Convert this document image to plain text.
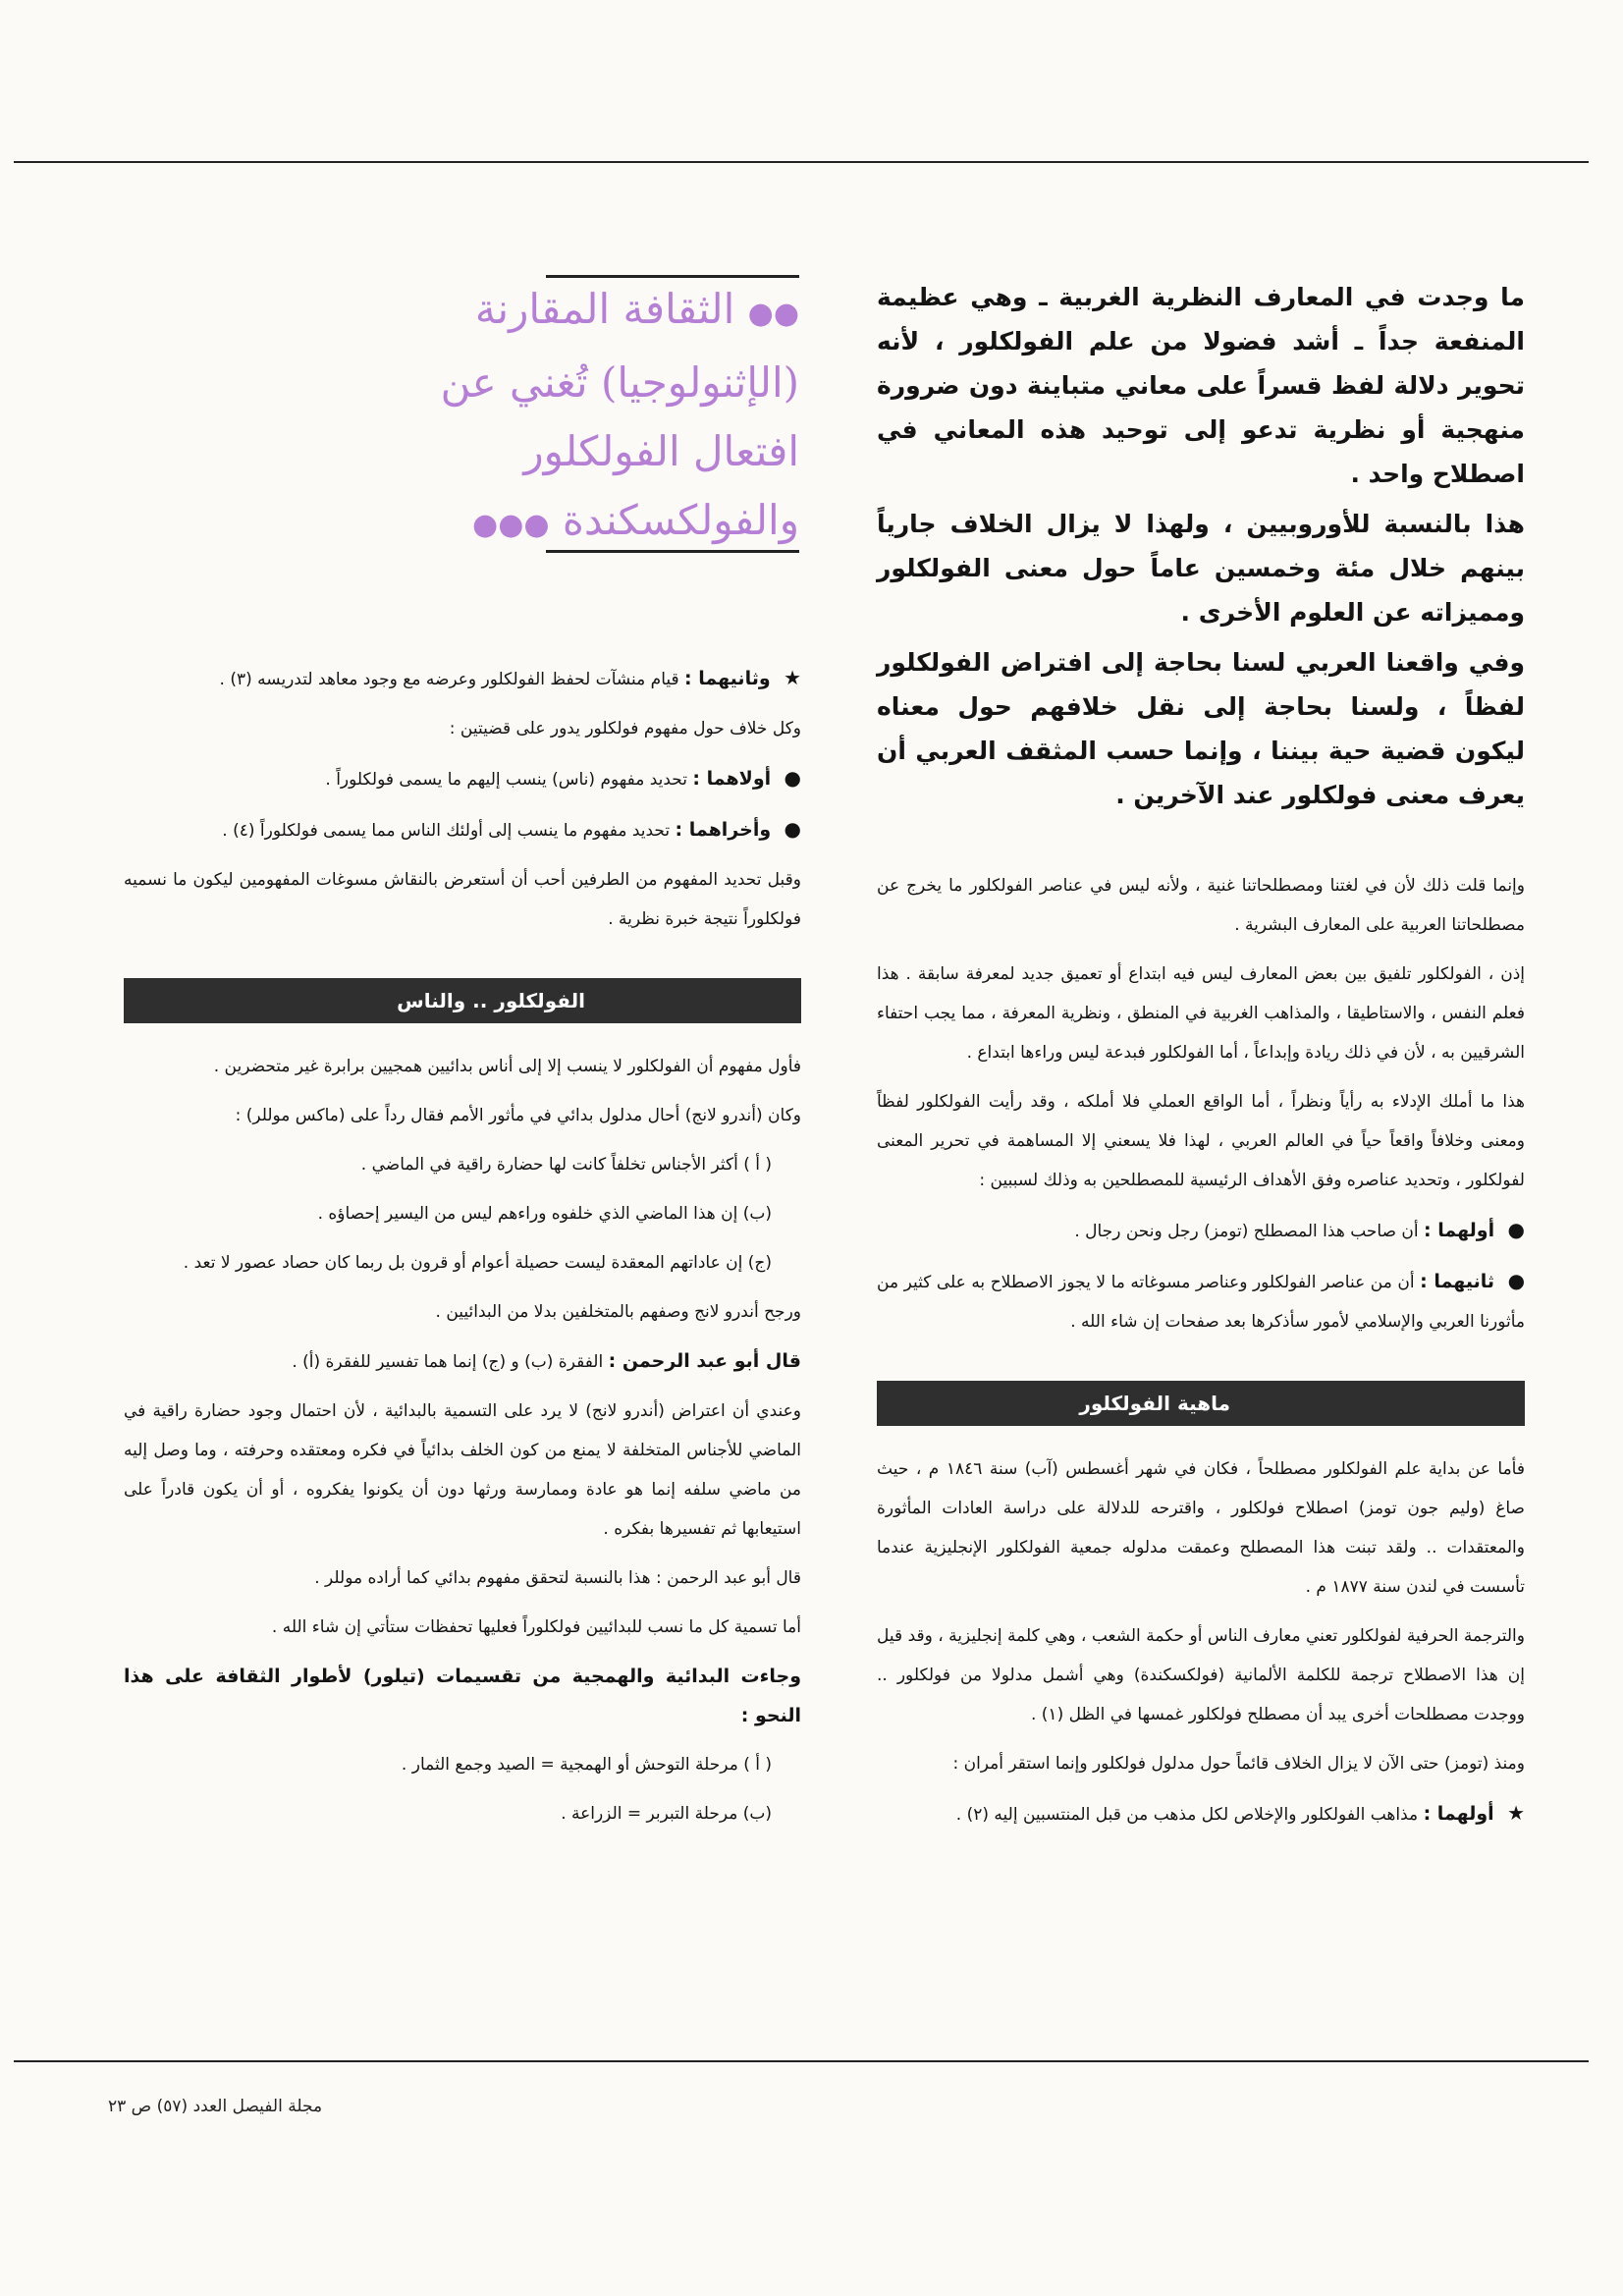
●● الثقافة المقارنة
(الإثنولوجيا) تُغني عن
افتعال الفولكلور
والفولكسكندة ●●●

ما وجدت في المعارف النظرية الغربية ـ وهي عظيمة المنفعة جداً ـ أشد فضولا من علم الفولكلور ، لأنه تحوير دلالة لفظ قسراً على معاني متباينة دون ضرورة منهجية أو نظرية تدعو إلى توحيد هذه المعاني في اصطلاح واحد .

هذا بالنسبة للأوروبيين ، ولهذا لا يزال الخلاف جارياً بينهم خلال مئة وخمسين عاماً حول معنى الفولكلور ومميزاته عن العلوم الأخرى .

وفي واقعنا العربي لسنا بحاجة إلى افتراض الفولكلور لفظاً ، ولسنا بحاجة إلى نقل خلافهم حول معناه ليكون قضية حية بيننا ، وإنما حسب المثقف العربي أن يعرف معنى فولكلور عند الآخرين .

وإنما قلت ذلك لأن في لغتنا ومصطلحاتنا غنية ، ولأنه ليس في عناصر الفولكلور ما يخرج عن مصطلحاتنا العربية على المعارف البشرية .

إذن ، الفولكلور تلفيق بين بعض المعارف ليس فيه ابتداع أو تعميق جديد لمعرفة سابقة . هذا فعلم النفس ، والاستاطيقا ، والمذاهب الغربية في المنطق ، ونظرية المعرفة ، مما يجب احتفاء الشرقيين به ، لأن في ذلك ريادة وإبداعاً ، أما الفولكلور فبدعة ليس وراءها ابتداع .

هذا ما أملك الإدلاء به رأياً ونظراً ، أما الواقع العملي فلا أملكه ، وقد رأيت الفولكلور لفظاً ومعنى وخلافاً واقعاً حياً في العالم العربي ، لهذا فلا يسعني إلا المساهمة في تحرير المعنى لفولكلور ، وتحديد عناصره وفق الأهداف الرئيسية للمصطلحين به وذلك لسببين :

● أولهما : أن صاحب هذا المصطلح (تومز) رجل ونحن رجال .
● ثانيهما : أن من عناصر الفولكلور وعناصر مسوغاته ما لا يجوز الاصطلاح به على كثير من مأثورنا العربي والإسلامي لأمور سأذكرها بعد صفحات إن شاء الله .
ماهية الفولكلور

فأما عن بداية علم الفولكلور مصطلحاً ، فكان في شهر أغسطس (آب) سنة ١٨٤٦ م ، حيث صاغ (وليم جون تومز) اصطلاح فولكلور ، واقترحه للدلالة على دراسة العادات المأثورة والمعتقدات .. ولقد تبنت هذا المصطلح وعمقت مدلوله جمعية الفولكلور الإنجليزية عندما تأسست في لندن سنة ١٨٧٧ م .

والترجمة الحرفية لفولكلور تعني معارف الناس أو حكمة الشعب ، وهي كلمة إنجليزية ، وقد قيل إن هذا الاصطلاح ترجمة للكلمة الألمانية (فولكسكندة) وهي أشمل مدلولا من فولكلور .. ووجدت مصطلحات أخرى يبد أن مصطلح فولكلور غمسها في الظل (١) .

ومنذ (تومز) حتى الآن لا يزال الخلاف قائماً حول مدلول فولكلور وإنما استقر أمران :

★ أولهما : مذاهب الفولكلور والإخلاص لكل مذهب من قبل المنتسبين إليه (٢) .
★ وثانيهما : قيام منشآت لحفظ الفولكلور وعرضه مع وجود معاهد لتدريسه (٣) .

وكل خلاف حول مفهوم فولكلور يدور على قضيتين :

● أولاهما : تحديد مفهوم (ناس) ينسب إليهم ما يسمى فولكلوراً .
● وأخراهما : تحديد مفهوم ما ينسب إلى أولئك الناس مما يسمى فولكلوراً (٤) .

وقبل تحديد المفهوم من الطرفين أحب أن أستعرض بالنقاش مسوغات المفهومين ليكون ما نسميه فولكلوراً نتيجة خبرة نظرية .

الفولكلور .. والناس

فأول مفهوم أن الفولكلور لا ينسب إلا إلى أناس بدائيين همجيين برابرة غير متحضرين .

وكان (أندرو لانج) أحال مدلول بدائي في مأثور الأمم فقال رداً على (ماكس موللر) :

( أ ) أكثر الأجناس تخلفاً كانت لها حضارة راقية في الماضي .

(ب) إن هذا الماضي الذي خلفوه وراءهم ليس من اليسير إحصاؤه .

(ج) إن عاداتهم المعقدة ليست حصيلة أعوام أو قرون بل ربما كان حصاد عصور لا تعد .

ورجح أندرو لانج وصفهم بالمتخلفين بدلا من البدائيين .

قال أبو عبد الرحمن : الفقرة (ب) و (ج) إنما هما تفسير للفقرة (أ) .

وعندي أن اعتراض (أندرو لانج) لا يرد على التسمية بالبدائية ، لأن احتمال وجود حضارة راقية في الماضي للأجناس المتخلفة لا يمنع من كون الخلف بدائياً في فكره ومعتقده وحرفته ، وما وصل إليه من ماضي سلفه إنما هو عادة وممارسة ورثها دون أن يكونوا يفكروه ، أو أن يكون قادراً على استيعابها ثم تفسيرها بفكره .

قال أبو عبد الرحمن : هذا بالنسبة لتحقق مفهوم بدائي كما أراده موللر .

أما تسمية كل ما نسب للبدائيين فولكلوراً فعليها تحفظات ستأتي إن شاء الله .

وجاءت البدائية والهمجية من تقسيمات (تيلور) لأطوار الثقافة على هذا النحو :

( أ ) مرحلة التوحش أو الهمجية = الصيد وجمع الثمار .

(ب) مرحلة التبربر = الزراعة .

مجلة الفيصل العدد (٥٧) ص ٢٣
